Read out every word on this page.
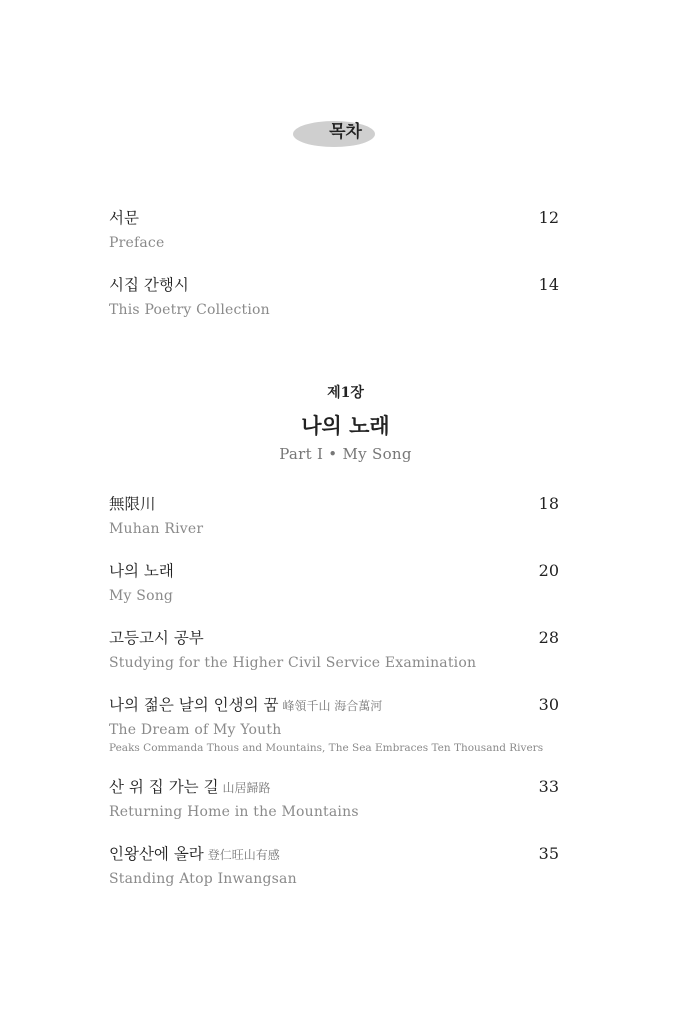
목차
서문	12
Preface
시집 간행시	14
This Poetry Collection
제1장
나의 노래
Part Ⅰ • My Song
無限川	18
Muhan River
나의 노래	20
My Song
고등고시 공부	28
Studying for the Higher Civil Service Examination
나의 젊은 날의 인생의 꿈 峰領千山 海合萬河	30
The Dream of My Youth
Peaks Commanda Thous and Mountains, The Sea Embraces Ten Thousand Rivers
산 위 집 가는 길 山居歸路	33
Returning Home in the Mountains
인왕산에 올라 登仁旺山有感	35
Standing Atop Inwangsan
